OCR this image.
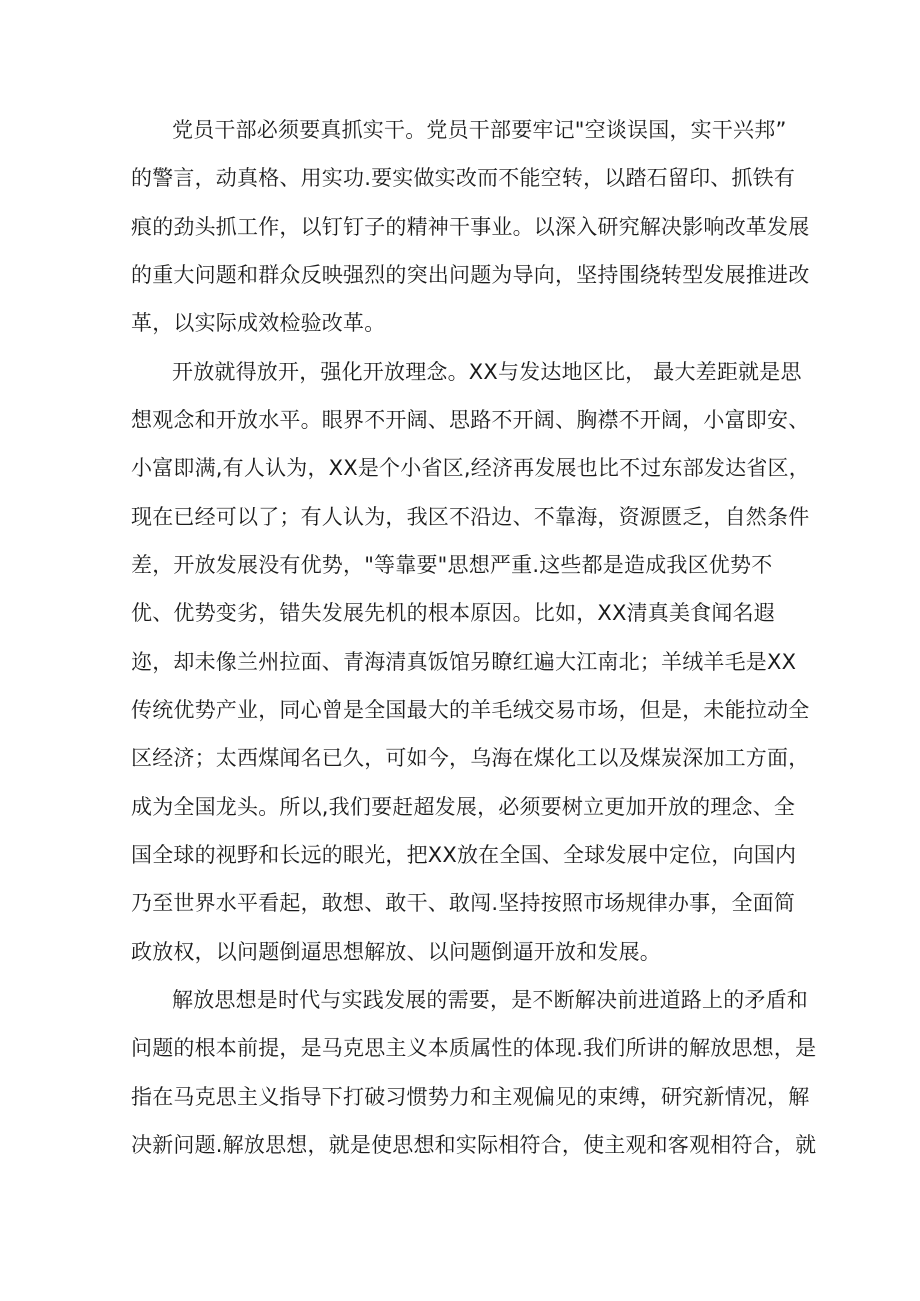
党员干部必须要真抓实干。党员干部要牢记"空谈误国，实干兴邦”
的警言，动真格、用实功.要实做实改而不能空转，以踏石留印、抓铁有
痕的劲头抓工作，以钉钉子的精神干事业。以深入研究解决影响改革发展
的重大问题和群众反映强烈的突出问题为导向，坚持围绕转型发展推进改
革，以实际成效检验改革。
开放就得放开，强化开放理念。XX与发达地区比， 最大差距就是思
想观念和开放水平。眼界不开阔、思路不开阔、胸襟不开阔，小富即安、
小富即满,有人认为，XX是个小省区,经济再发展也比不过东部发达省区，
现在已经可以了；有人认为，我区不沿边、不靠海，资源匮乏，自然条件
差，开放发展没有优势，"等靠要"思想严重.这些都是造成我区优势不
优、优势变劣，错失发展先机的根本原因。比如，XX清真美食闻名遐
迩，却未像兰州拉面、青海清真饭馆另瞭红遍大江南北；羊绒羊毛是XX
传统优势产业，同心曾是全国最大的羊毛绒交易市场，但是，未能拉动全
区经济；太西煤闻名已久，可如今，乌海在煤化工以及煤炭深加工方面，
成为全国龙头。所以,我们要赶超发展，必须要树立更加开放的理念、全
国全球的视野和长远的眼光，把XX放在全国、全球发展中定位，向国内
乃至世界水平看起，敢想、敢干、敢闯.坚持按照市场规律办事，全面简
政放权，以问题倒逼思想解放、以问题倒逼开放和发展。
解放思想是时代与实践发展的需要，是不断解决前进道路上的矛盾和
问题的根本前提，是马克思主义本质属性的体现.我们所讲的解放思想，是
指在马克思主义指导下打破习惯势力和主观偏见的束缚，研究新情况，解
决新问题.解放思想，就是使思想和实际相符合，使主观和客观相符合，就
